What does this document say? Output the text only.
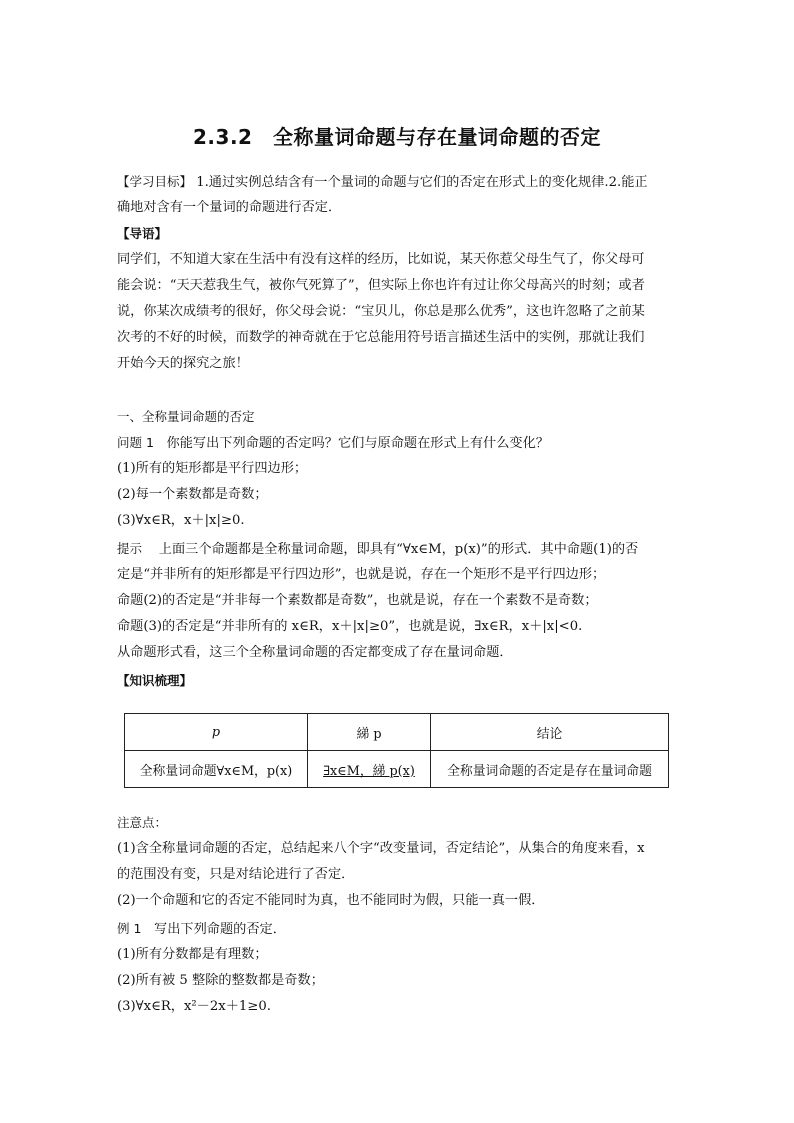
2.3.2　全称量词命题与存在量词命题的否定
【学习目标】 1.通过实例总结含有一个量词的命题与它们的否定在形式上的变化规律.2.能正
确地对含有一个量词的命题进行否定．
【导语】
同学们，不知道大家在生活中有没有这样的经历，比如说，某天你惹父母生气了，你父母可
能会说：“天天惹我生气，被你气死算了”，但实际上你也许有过让你父母高兴的时刻；或者
说，你某次成绩考的很好，你父母会说：“宝贝儿，你总是那么优秀”，这也许忽略了之前某
次考的不好的时候，而数学的神奇就在于它总能用符号语言描述生活中的实例，那就让我们
开始今天的探究之旅！
一、全称量词命题的否定
问题 1 你能写出下列命题的否定吗？它们与原命题在形式上有什么变化？
(1)所有的矩形都是平行四边形；
(2)每一个素数都是奇数；
(3)∀x∈R，x＋|x|≥0.
提示 上面三个命题都是全称量词命题，即具有“∀x∈M，p(x)”的形式．其中命题(1)的否
定是“并非所有的矩形都是平行四边形”，也就是说，存在一个矩形不是平行四边形；
命题(2)的否定是“并非每一个素数都是奇数”，也就是说，存在一个素数不是奇数；
命题(3)的否定是“并非所有的 x∈R，x＋|x|≥0”，也就是说，∃x∈R，x＋|x|<0.
从命题形式看，这三个全称量词命题的否定都变成了存在量词命题．
【知识梳理】
p	綈 p	结论
全称量词命题∀x∈M，p(x)	∃x∈M，綈 p(x)	全称量词命题的否定是存在量词命题
注意点：
(1)含全称量词命题的否定，总结起来八个字“改变量词，否定结论”，从集合的角度来看，x
的范围没有变，只是对结论进行了否定．
(2)一个命题和它的否定不能同时为真，也不能同时为假，只能一真一假．
例 1 写出下列命题的否定．
(1)所有分数都是有理数；
(2)所有被 5 整除的整数都是奇数；
(3)∀x∈R，x²－2x＋1≥0.
